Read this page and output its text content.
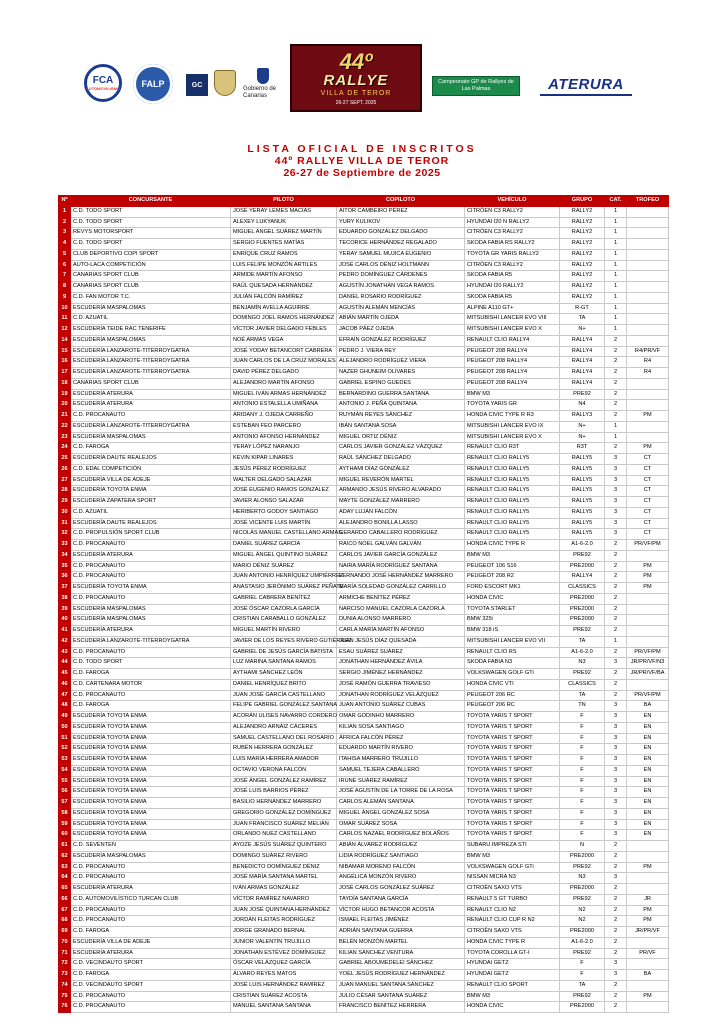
FCA
AUTOMOVILISMO FALP	GC
Gobierno de Canarias
44º
RALLYE
VILLA DE TEROR
26-27 SEPT. 2025
Campeonato GP de Rallyes de Las Palmas	ATERURA
LISTA OFICIAL DE INSCRITOS
44º RALLYE VILLA DE TEROR
26-27 de Septiembre de 2025
Nº	CONCURSANTE	PILOTO	COPILOTO	VEHÍCULO	GRUPO	CAT.	TROFEO
1	C.D. TODO SPORT	JOSÉ YERAY LEMES MACIAS	AITOR CAMBEIRO PÉREZ	CITRÖEN C3 RALLY2	RALLY2	1	
2	C.D. TODO SPORT	ALEXEY LUKYANUK	YURY KULIKOV	HYUNDAI I20 N RALLY2	RALLY2	1	
3	REVYS MOTORSPORT	MIGUEL ÁNGEL SUÁREZ MARTÍN	EDUARDO GONZÁLEZ DELGADO	CITRÖEN C3 RALLY2	RALLY2	1	
4	C.D. TODO SPORT	SERGIO FUENTES MATÍAS	TECORICE HERNÁNDEZ REGALADO	SKODA FABIA RS RALLY2	RALLY2	1	
5	CLUB DEPORTIVO COPI SPORT	ENRIQUE CRUZ RAMOS	YERAY SAMUEL MUJICA EUGENIO	TOYOTA GR YARIS RALLY2	RALLY2	1	
6	AUTO-LACA COMPETICIÓN	LUIS FELIPE MONZÓN ARTILES	JOSÉ CARLOS DÉNIZ HOLTMANN	CITRÖEN C3 RALLY2	RALLY2	1	
7	CANARIAS SPORT CLUB	ARMIDE MARTÍN AFONSO	PEDRO DOMÍNGUEZ CÁRDENES	SKODA FABIA R5	RALLY2	1	
8	CANARIAS SPORT CLUB	RAÚL QUESADA HERNÁNDEZ	AGUSTÍN JONATHAN VEGA RAMOS	HYUNDAI I20 RALLY2	RALLY2	1	
9	C.D. FAN MOTOR T.C.	JULIÁN FALCÓN RAMÍREZ	DANIEL ROSARIO RODRÍGUEZ	SKODA FABIA R5	RALLY2	1	
10	ESCUDERÍA MASPALOMAS	BENJAMÍN AVELLA AGUIRRE	AGUSTÍN ALEMÁN MENCÍAS	ALPINE A110 GT+	R-GT	1	
11	C.D. AZUATIL	DOMINGO JOEL RAMOS HERNÁNDEZ	ABIÁN MARTÍN OJEDA	MITSUBISHI LANCER EVO VIII	TA	1	
12	ESCUDERÍA TEIDE RAC TENERIFE	VÍCTOR JAVIER DELGADO FEBLES	JACOB PÁEZ OJEDA	MITSUBISHI LANCER EVO X	N+	1	
14	ESCUDERÍA MASPALOMAS	NOÉ ARMAS VEGA	EFRAÍN GONZÁLEZ RODRÍGUEZ	RENAULT CLIO RALLY4	RALLY4	2	
15	ESCUDERÍA LANZAROTE-TITERROYGATRA	JOSÉ YODAY BETANCORT CABRERA	PEDRO J. VIERA REY	PEUGEOT 208 RALLY4	RALLY4	2	R4/PR/VF
16	ESCUDERÍA LANZAROTE-TITERROYGATRA	JUAN CARLOS DE LA CRUZ MORALES	ALEJANDRO RODRÍGUEZ VIERA	PEUGEOT 208 RALLY4	RALLY4	2	R4
17	ESCUDERÍA LANZAROTE-TITERROYGATRA	DAVID PÉREZ DELGADO	NAZER GHUNEIM OLIVARES	PEUGEOT 208 RALLY4	RALLY4	2	R4
18	CANARIAS SPORT CLUB	ALEJANDRO MARTÍN AFONSO	GABRIEL ESPINO GUEDES	PEUGEOT 208 RALLY4	RALLY4	2	
19	ESCUDERÍA ATERURA	MIGUEL IVÁN ARMAS HERNÁNDEZ	BERNARDINO GUERRA SANTANA	BMW M3	PRE92	2	
20	ESCUDERÍA ATERURA	ANTONIO ESTALELLA UMIÑANA	ANTONIO J. PEÑA QUINTANA	TOYOTA YARIS GR	N4	2	
21	C.D. PROCANAUTO	ARIDANY J. OJEDA CARREÑO	RUYMÁN REYES SÁNCHEZ	HONDA CIVIC TYPE R R3	RALLY3	2	PM
22	ESCUDERÍA LANZAROTE-TITERROYGATRA	ESTEBAN FEO PARCERO	IBÁN SANTANA SOSA	MITSUBISHI LANCER EVO IX	N+	1	
23	ESCUDERÍA MASPALOMAS	ANTONIO AFONSO HERNÁNDEZ	MIGUEL ORTIZ DÉNIZ	MITSUBISHI LANCER EVO X	N+	1	
24	C.D. FAROGA	YERAY LÓPEZ NARANJO	CARLOS JAVIER GONZÁLEZ VÁZQUEZ	RENAULT CLIO R3T	R3T	2	PM
25	ESCUDERÍA DAUTE REALEJOS	KEVIN KIPAR LINARES	RAÚL SÁNCHEZ DELGADO	RENAULT CLIO RALLY5	RALLY5	3	CT
26	C.D. EDAL COMPETICIÓN	JESÚS PÉREZ RODRÍGUEZ	AYTHAMI DÍAZ GONZÁLEZ	RENAULT CLIO RALLY5	RALLY5	3	CT
27	ESCUDERÍA VILLA DE ADEJE	WALTER DELGADO SALAZAR	MIGUEL REVERÓN MARTEL	RENAULT CLIO RALLY5	RALLY5	3	CT
28	ESCUDERÍA TOYOTA ENMA	JOSÉ EUGENIO RAMOS GONZÁLEZ	ARMANDO JESÚS RIVERO ALVARADO	RENAULT CLIO RALLY5	RALLY5	3	CT
29	ESCUDERÍA ZAPATERA SPORT	JAVIER ALONSO SALAZAR	MAYTE GONZÁLEZ MARRERO	RENAULT CLIO RALLY5	RALLY5	3	CT
30	C.D. AZUATIL	HERIBERTO GODOY SANTIAGO	ADAY LUJÁN FALCÓN	RENAULT CLIO RALLY5	RALLY5	3	CT
31	ESCUDERÍA DAUTE REALEJOS	JOSÉ VICENTE LUIS MARTÍN	ALEJANDRO BONILLA LASSO	RENAULT CLIO RALLY5	RALLY5	3	CT
32	C.D. PROPULSIÓN SPORT CLUB	NICOLÁS MANUEL CASTELLANO ARMAS	GERARDO CABALLERO RODRÍGUEZ	RENAULT CLIO RALLY5	RALLY5	3	CT
33	C.D. PROCANAUTO	DANIEL SUÁREZ GARCÍA	RAICO NOEL GALVÁN GALVÁN	HONDA CIVIC TYPE R	A1-6-2.0	2	PR/VF/PM
34	ESCUDERÍA ATERURA	MIGUEL ÁNGEL QUINTINO SUÁREZ	CARLOS JAVIER GARCÍA GONZÁLEZ	BMW M3	PRE92	2	
35	C.D. PROCANAUTO	MARIO DÉNIZ SUÁREZ	NAIRA MARÍA RODRÍGUEZ SANTANA	PEUGEOT 106 S16	PRE2000	2	PM
36	C.D. PROCANAUTO	JUAN ANTONIO HENRÍQUEZ UMPIÉRREZ	FERNANDO JOSÉ HERNÁNDEZ MARRERO	PEUGEOT 208 R2	RALLY4	2	PM
37	ESCUDERÍA TOYOTA ENMA	ANASTASIO JERÓNIMO SUÁREZ PEÑATE	MARÍA SOLEDAD GONZÁLEZ CARRILLO	FORD ESCORT MK1	CLASSICS	2	PM
38	C.D. PROCANAUTO	GABRIEL CABRERA BENÍTEZ	ARMICHE BENÍTEZ PÉREZ	HONDA CIVIC	PRE2000	2	
39	ESCUDERÍA MASPALOMAS	JOSÉ ÓSCAR CAZORLA GARCÍA	NARCISO MANUEL CAZORLA CAZORLA	TOYOTA STARLET	PRE2000	2	
40	ESCUDERÍA MASPALOMAS	CRISTIAN CARABALLO GONZÁLEZ	DUNIA ALONSO MARRERO	BMW 325i	PRE2000	2	
41	ESCUDERÍA ATERURA	MIGUEL MARTÍN RIVERO	CARLA MARÍA MARTÍN AFONSO	BMW 318 iS	PRE92	2	
42	ESCUDERÍA LANZAROTE-TITERROYGATRA	JAVIER DE LOS REYES RIVERO GUTIÉRREZ	JUAN JESÚS DÍAZ QUESADA	MITSUBISHI LANCER EVO VII	TA	1	
43	C.D. PROCANAUTO	GABRIEL DE JESÚS GARCÍA BATISTA	ESAU SUÁREZ SUÁREZ	RENAULT CLIO RS	A1-6-2.0	2	PR/VF/PM
44	C.D. TODO SPORT	LUZ MARINA SANTANA RAMOS	JONATHAN HERNÁNDEZ ÁVILA	SKODA FABIA N3	N3	3	JR/PR/VF/N3
45	C.D. FAROGA	AYTHAMI SÁNCHEZ LEÓN	SERGIO JIMÉNEZ HERNÁNDEZ	VOLKSWAGEN GOLF GTi	PRE92	2	JR/PR/VF/BA
46	C.D. CARTENARA MOTOR	DANIEL HENRÍQUEZ BRITO	JOSÉ RAMÓN GUERRA TRAVIESO	HONDA CIVIC VTI	CLASSICS	2	
47	C.D. PROCANAUTO	JUAN JOSÉ GARCÍA CASTELLANO	JONATHAN RODRÍGUEZ VELÁZQUEZ	PEUGEOT 206 RC	TA	2	PR/VF/PM
48	C.D. FAROGA	FELIPE GABRIEL GONZÁLEZ SANTANA	JUAN ANTONIO SUÁREZ CUBAS	PEUGEOT 206 RC	TN	3	BA
49	ESCUDERÍA TOYOTA ENMA	ACORÁN ULISES NAVARRO CORDERO	OMAR GODINHO MARRERO	TOYOTA YARIS T SPORT	F	3	EN
50	ESCUDERÍA TOYOTA ENMA	ALEJANDRO ARNÁIZ CÁCERES	KILIAN SOSA SANTIAGO	TOYOTA YARIS T SPORT	F	3	EN
51	ESCUDERÍA TOYOTA ENMA	SAMUEL CASTELLANO DEL ROSARIO	ÁFRICA FALCÓN PÉREZ	TOYOTA YARIS T SPORT	F	3	EN
52	ESCUDERÍA TOYOTA ENMA	RUBÉN HERRERA GONZÁLEZ	EDUARDO MARTÍN RIVERO	TOYOTA YARIS T SPORT	F	3	EN
53	ESCUDERÍA TOYOTA ENMA	LUIS MARÍA HERRERA AMADOR	ITAHISA MARRERO TRUJILLO	TOYOTA YARIS T SPORT	F	3	EN
54	ESCUDERÍA TOYOTA ENMA	OCTAVIO VERONA FALCÓN	SAMUEL TEJERA CABALLERO	TOYOTA YARIS T SPORT	F	3	EN
55	ESCUDERÍA TOYOTA ENMA	JOSÉ ÁNGEL GONZÁLEZ RAMÍREZ	IRUNE SUÁREZ RAMÍREZ	TOYOTA YARIS T SPORT	F	3	EN
56	ESCUDERÍA TOYOTA ENMA	JOSÉ LUIS BARRIOS PÉREZ	JOSÉ AGUSTÍN DE LA TORRE DE LA ROSA	TOYOTA YARIS T SPORT	F	3	EN
57	ESCUDERÍA TOYOTA ENMA	BASILIO HERNÁNDEZ MARRERO	CARLOS ALEMÁN SANTANA	TOYOTA YARIS T SPORT	F	3	EN
58	ESCUDERÍA TOYOTA ENMA	GREGORIO GONZÁLEZ DOMÍNGUEZ	MIGUEL ÁNGEL GONZÁLEZ SOSA	TOYOTA YARIS T SPORT	F	3	EN
59	ESCUDERÍA TOYOTA ENMA	JUAN FRANCISCO SUÁREZ MELIÁN	OMAR SUÁREZ SOSA	TOYOTA YARIS T SPORT	F	3	EN
60	ESCUDERÍA TOYOTA ENMA	ORLANDO NUEZ CASTELLANO	CARLOS NAZAEL RODRÍGUEZ BOLAÑOS	TOYOTA YARIS T SPORT	F	3	EN
61	C.D. SEVENTEN	AYOZE JESÚS SUÁREZ QUINTERO	ABIÁN ÁLVAREZ RODRÍGUEZ	SUBARU IMPREZA STI	N	2	
62	ESCUDERÍA MASPALOMAS	DOMINGO SUÁREZ RIVERO	LIDIA RODRÍGUEZ SANTIAGO	BMW M3	PRE2000	2	
63	C.D. PROCANAUTO	BENEDICTO DOMÍNGUEZ DÉNIZ	NIBAMAR MORENO FALCÓN	VOLKSWAGEN GOLF GTi	PRE92	2	PM
64	C.D. PROCANAUTO	JOSÉ MARÍA SANTANA MARTEL	ANGÉLICA MONZÓN RIVERO	NISSAN MICRA N3	N3	3	
65	ESCUDERÍA ATERURA	IVÁN ARMAS GONZÁLEZ	JOSÉ CARLOS GONZÁLEZ SUÁREZ	CITROËN SAXO VTS	PRE2000	2	
66	C.D. AUTOMOVILÍSTICO TURCAN CLUB	VÍCTOR RAMÍREZ NAVARRO	TAYDÍA SANTANA GARCÍA	RENAULT 5 GT TURBO	PRE92	2	JR
67	C.D. PROCANAUTO	JUAN JOSÉ QUINTANA HERNÁNDEZ	VÍCTOR HUGO BETANCOR ACOSTA	RENAULT CLIO N2	N2	2	PM
68	C.D. PROCANAUTO	JORDÁN FLEITAS RODRÍGUEZ	ISMAEL FLEITAS JIMÉNEZ	RENAULT CLIO CUP R N2	N2	2	PM
69	C.D. FAROGA	JORGE GRANADO BERNAL	ADRIÁN SANTANA GUERRA	CITROËN SAXO VTS	PRE2000	2	JR/PR/VF
70	ESCUDERÍA VILLA DE ADEJE	JUNIOR VALENTÍN TRUJILLO	BELÉN MONZÓN MARTEL	HONDA CIVIC TYPE R	A1-6-2.0	2	
71	ESCUDERÍA ATERURA	JONATHAN ESTÉVEZ DOMÍNGUEZ	KILIAN SÁNCHEZ VENTURA	TOYOTA COROLLA GT-I	PRE92	2	PR/VF
72	C.D. VECINDAUTO SPORT	ÓSCAR VELÁZQUEZ GARCÍA	GABRIEL ABOUMEDELEI SÁNCHEZ	HYUNDAI GETZ	F	3	
73	C.D. FAROGA	ÁLVARO REYES MATOS	YOEL JESÚS RODRÍGUEZ HERNÁNDEZ	HYUNDAI GETZ	F	3	BA
74	C.D. VECINDAUTO SPORT	JOSÉ LUIS HERNÁNDEZ RAMÍREZ	JUAN MANUEL SANTANA SÁNCHEZ	RENAULT CLIO SPORT	TA	2	
75	C.D. PROCANAUTO	CRISTIAN SUÁREZ ACOSTA	JULIO CÉSAR SANTANA SUÁREZ	BMW M3	PRE92	2	PM
76	C.D. PROCANAUTO	MANUEL SANTANA SANTANA	FRANCISCO BENÍTEZ HERRERA	HONDA CIVIC	PRE2000	2	
